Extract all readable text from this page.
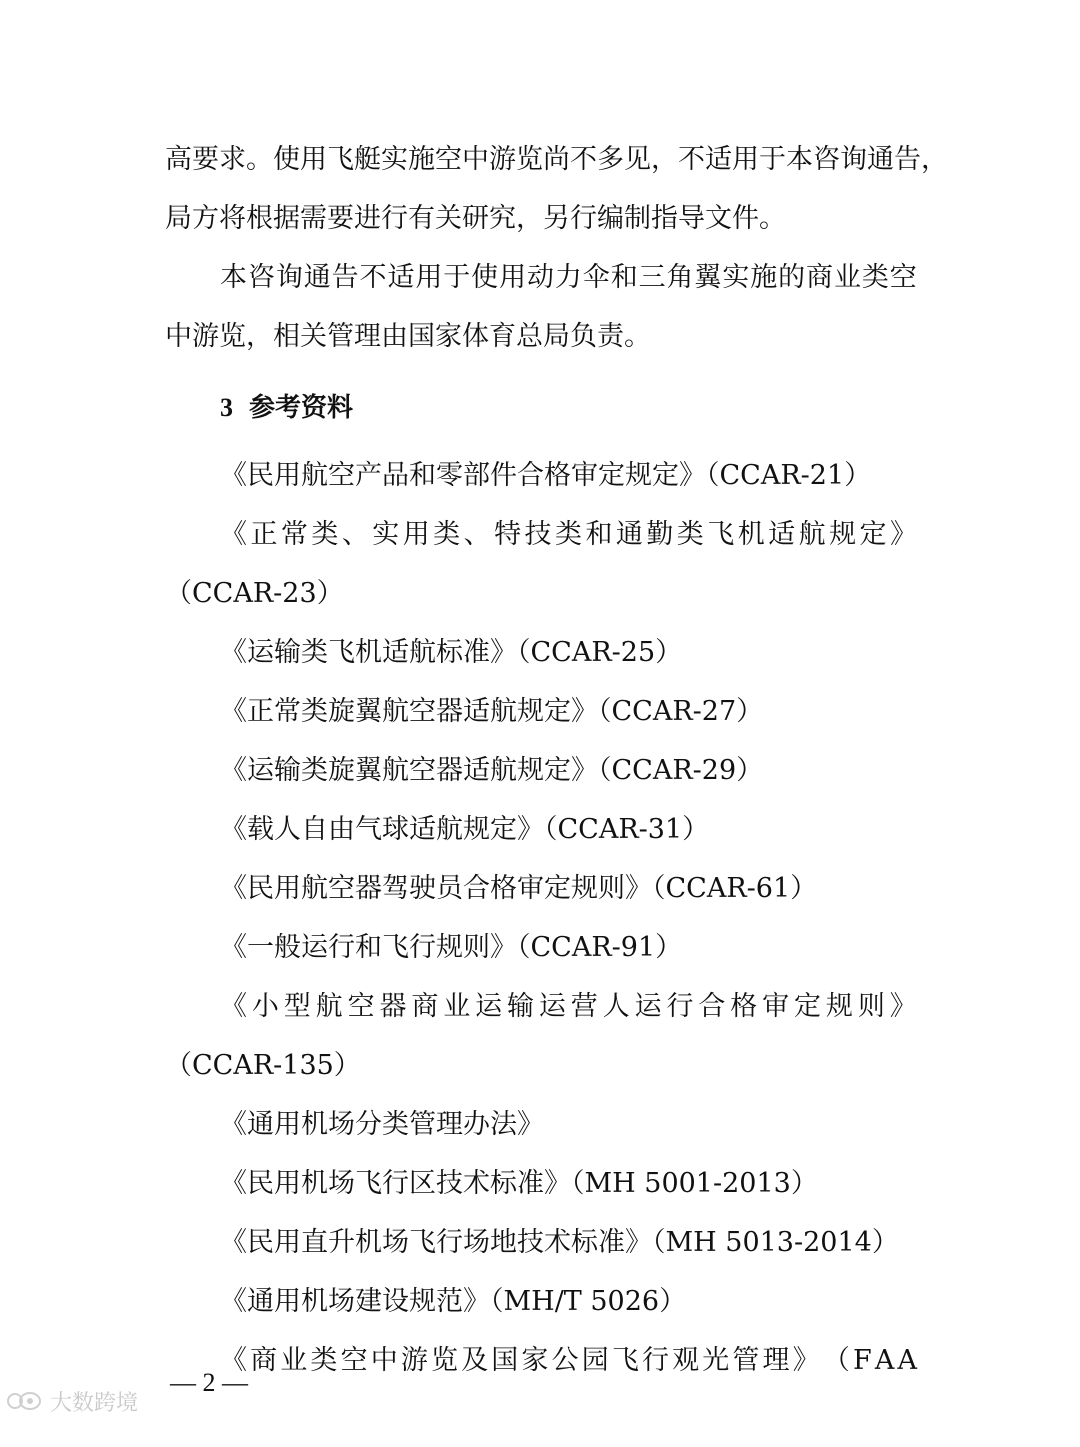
高 要 求 。 使 用 飞 艇 实 施 空 中 游 览 尚 不 多 见 ， 不 适 用 于 本 咨 询 通 告 ，
局方将根据需要进行有关研究，另行编制指导文件。
本 咨 询 通 告 不 适 用 于 使 用 动 力 伞 和 三 角 翼 实 施 的 商 业 类 空
中游览，相关管理由国家体育总局负责。
3 参考资料
《民用航空产品和零部件合格审定规定》（CCAR-21）
《 正 常 类 、 实 用 类 、 特 技 类 和 通 勤 类 飞 机 适 航 规 定 》
（CCAR-23）
《运输类飞机适航标准》（CCAR-25）
《正常类旋翼航空器适航规定》（CCAR-27）
《运输类旋翼航空器适航规定》（CCAR-29）
《载人自由气球适航规定》（CCAR-31）
《民用航空器驾驶员合格审定规则》（CCAR-61）
《一般运行和飞行规则》（CCAR-91）
《 小 型 航 空 器 商 业 运 输 运 营 人 运 行 合 格 审 定 规 则 》
（CCAR-135）
《通用机场分类管理办法》
《民用机场飞行区技术标准》（MH 5001-2013）
《民用直升机场飞行场地技术标准》（MH 5013-2014）
《通用机场建设规范》（MH/T 5026）
《 商 业 类 空 中 游 览 及 国 家 公 园 飞 行 观 光 管 理 》 （ F A A
— 2 —
大数跨境
